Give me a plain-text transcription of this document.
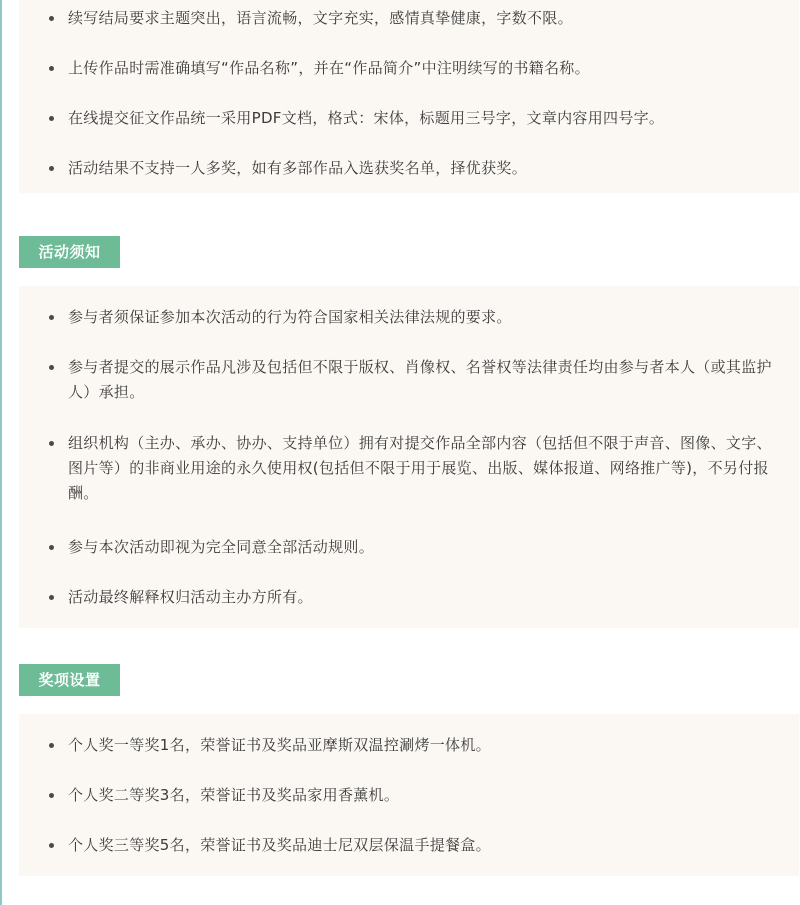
续写结局要求主题突出，语言流畅，文字充实，感情真挚健康，字数不限。
上传作品时需准确填写“作品名称”，并在“作品简介”中注明续写的书籍名称。
在线提交征文作品统一采用PDF文档，格式：宋体，标题用三号字，文章内容用四号字。
活动结果不支持一人多奖，如有多部作品入选获奖名单，择优获奖。
活动须知
参与者须保证参加本次活动的行为符合国家相关法律法规的要求。
参与者提交的展示作品凡涉及包括但不限于版权、肖像权、名誉权等法律责任均由参与者本人（或其监护人）承担。
组织机构（主办、承办、协办、支持单位）拥有对提交作品全部内容（包括但不限于声音、图像、文字、图片等）的非商业用途的永久使用权(包括但不限于用于展览、出版、媒体报道、网络推广等)，不另付报酬。
参与本次活动即视为完全同意全部活动规则。
活动最终解释权归活动主办方所有。
奖项设置
个人奖一等奖1名，荣誉证书及奖品亚摩斯双温控涮烤一体机。
个人奖二等奖3名，荣誉证书及奖品家用香薰机。
个人奖三等奖5名，荣誉证书及奖品迪士尼双层保温手提餐盒。
